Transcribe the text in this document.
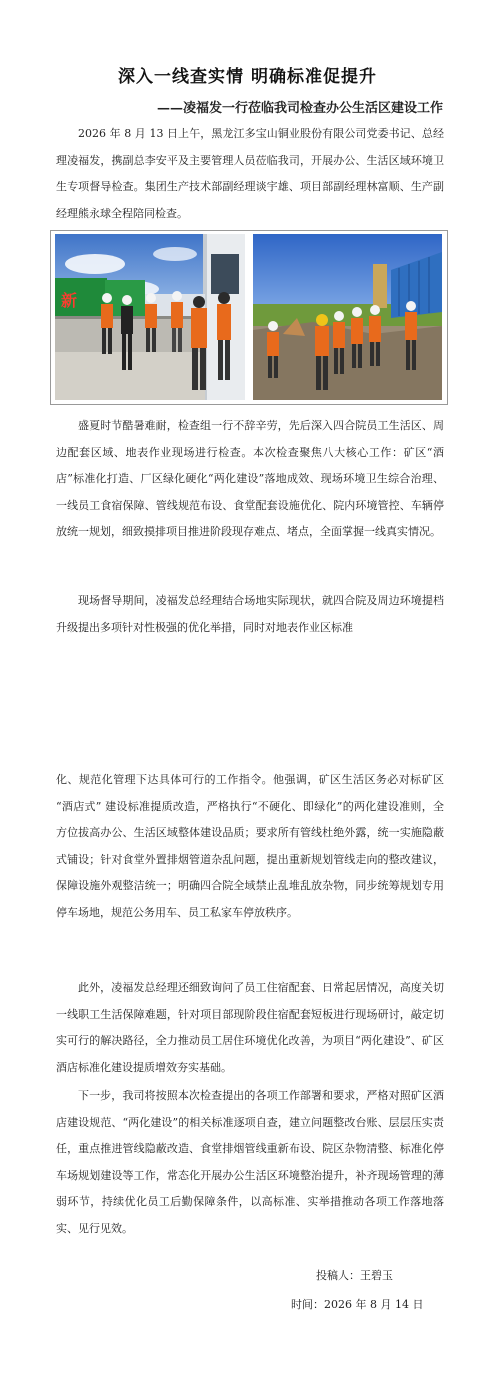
深入一线查实情 明确标准促提升
——凌福发一行莅临我司检查办公生活区建设工作

2026 年 8 月 13 日上午，黑龙江多宝山铜业股份有限公司党委书记、总经理凌福发，携副总李安平及主要管理人员莅临我司，开展办公、生活区域环境卫生专项督导检查。集团生产技术部副经理谈宇雄、项目部副经理林富顺、生产副经理熊永球全程陪同检查。

新

盛夏时节酷暑难耐，检查组一行不辞辛劳，先后深入四合院员工生活区、周边配套区域、地表作业现场进行检查。本次检查聚焦八大核心工作：矿区“酒店”标准化打造、厂区绿化硬化“两化建设”落地成效、现场环境卫生综合治理、一线员工食宿保障、管线规范布设、食堂配套设施优化、院内环境管控、车辆停放统一规划，细致摸排项目推进阶段现存难点、堵点，全面掌握一线真实情况。

现场督导期间，凌福发总经理结合场地实际现状，就四合院及周边环境提档升级提出多项针对性极强的优化举措，同时对地表作业区标准

化、规范化管理下达具体可行的工作指令。他强调，矿区生活区务必对标矿区 “酒店式” 建设标准提质改造，严格执行“不硬化、即绿化”的两化建设准则，全方位拔高办公、生活区域整体建设品质；要求所有管线杜绝外露，统一实施隐蔽式铺设；针对食堂外置排烟管道杂乱问题，提出重新规划管线走向的整改建议，保障设施外观整洁统一；明确四合院全域禁止乱堆乱放杂物，同步统筹规划专用停车场地，规范公务用车、员工私家车停放秩序。

此外，凌福发总经理还细致询问了员工住宿配套、日常起居情况，高度关切一线职工生活保障难题，针对项目部现阶段住宿配套短板进行现场研讨，敲定切实可行的解决路径，全力推动员工居住环境优化改善，为项目“两化建设”、矿区酒店标准化建设提质增效夯实基础。

下一步，我司将按照本次检查提出的各项工作部署和要求，严格对照矿区酒店建设规范、“两化建设”的相关标准逐项自查，建立问题整改台账、层层压实责任，重点推进管线隐蔽改造、食堂排烟管线重新布设、院区杂物清整、标准化停车场规划建设等工作，常态化开展办公生活区环境整治提升，补齐现场管理的薄弱环节，持续优化员工后勤保障条件，以高标准、实举措推动各项工作落地落实、见行见效。

投稿人：王碧玉
时间：2026 年 8 月 14 日
